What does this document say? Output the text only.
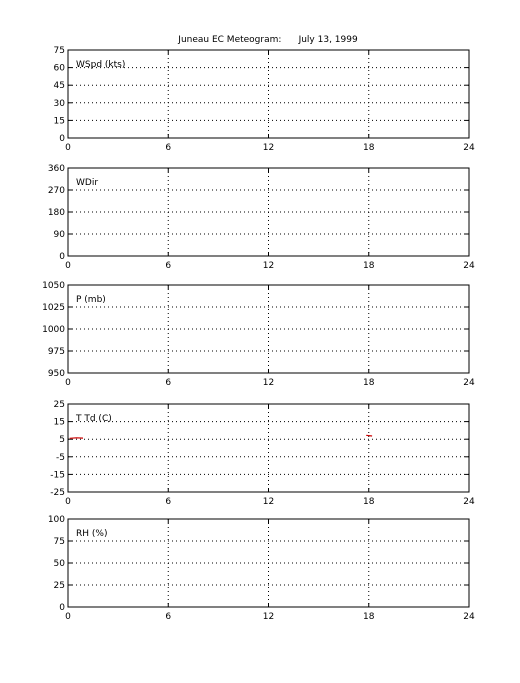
Juneau EC Meteogram:      July 13, 1999
0	6	12	18	24
0
15
30
45
60
75
WSpd (kts)
0	6	12	18	24
0
90
180
270
360
WDir
0	6	12	18	24
950
975
1000
1025
1050
P (mb)
0	6	12	18	24
-25
-15
-5
5
15
25
T Td (C)
0	6	12	18	24
0
25
50
75
100
RH (%)
